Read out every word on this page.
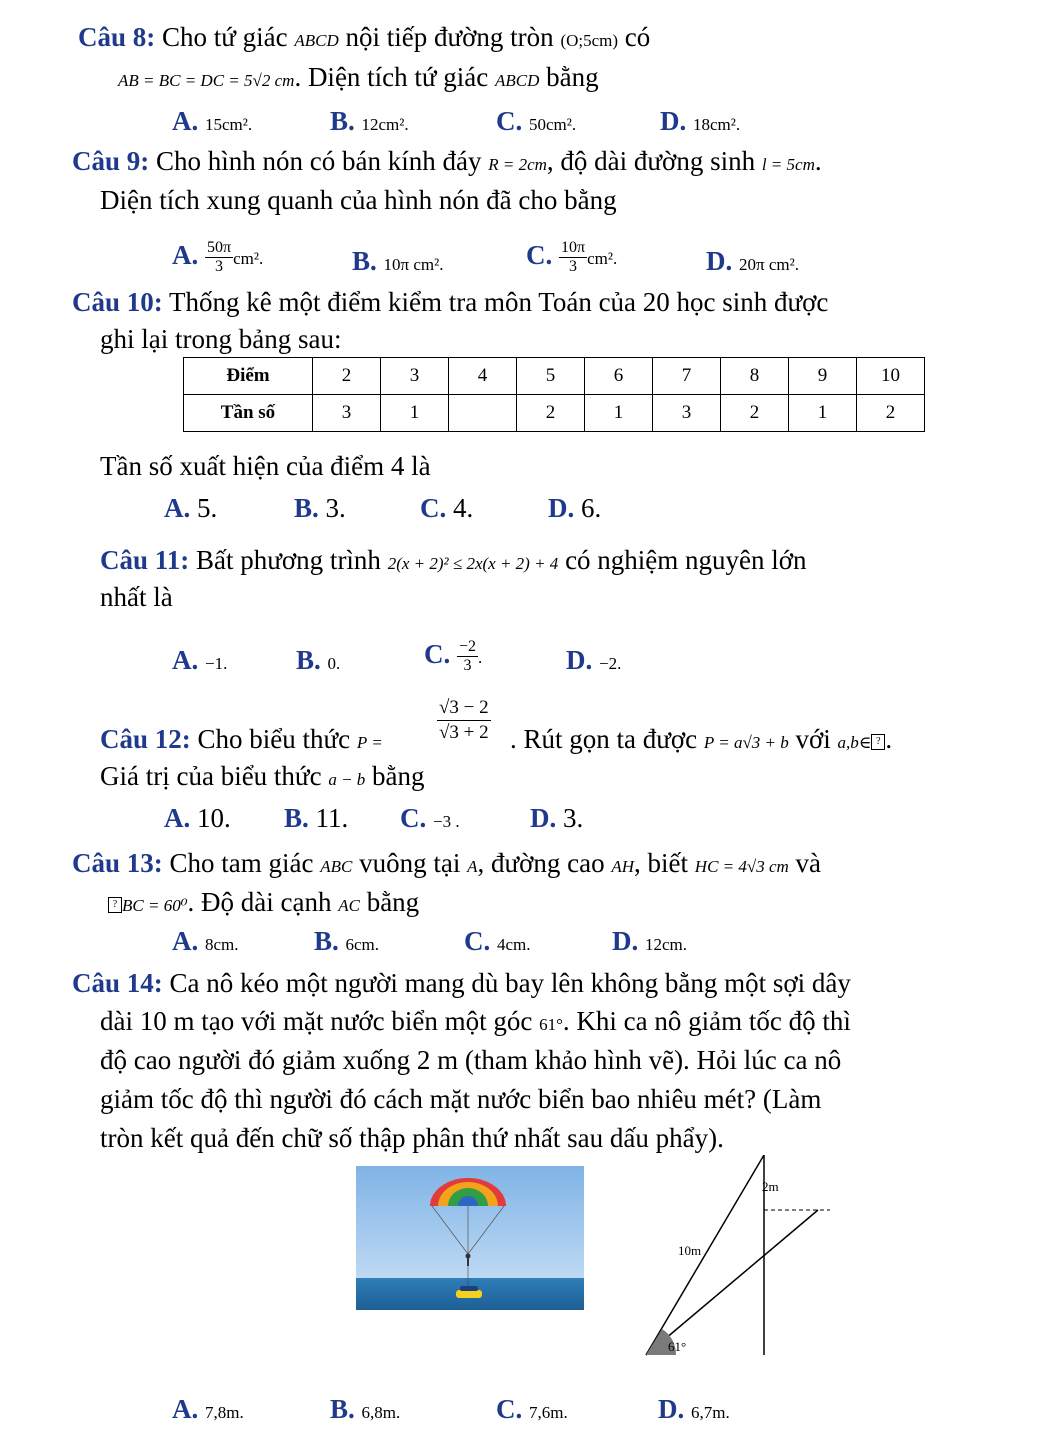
Câu 8: Cho tứ giác ABCD nội tiếp đường tròn (O;5cm) có
AB = BC = DC = 5√2 cm. Diện tích tứ giác ABCD bằng
A. 15cm².	B. 12cm².	C. 50cm².	D. 18cm².
Câu 9: Cho hình nón có bán kính đáy R = 2cm, độ dài đường sinh l = 5cm.
Diện tích xung quanh của hình nón đã cho bằng
A. $\frac{50\pi}{3} cm^2$.	B. 10π cm².	C. $\frac{10\pi}{3} cm^2$.	D. 20π cm².
Câu 10: Thống kê một điểm kiểm tra môn Toán của 20 học sinh được
ghi lại trong bảng sau:
Điểm	2	3	4	5	6	7	8	9	10
Tần số	3	1		2	1	3	2	1	2
Tần số xuất hiện của điểm 4 là
A. 5.	B. 3.	C. 4.	D. 6.
Câu 11: Bất phương trình 2(x + 2)² ≤ 2x(x + 2) + 4 có nghiệm nguyên lớn
nhất là
A. −1.	B. 0.	C. $\frac{-2}{3}$ .	D. −2.
Câu 12: Cho biểu thức P =	$\frac{√3 - 2}{√3 + 2}$ . Rút gọn ta được P = a√3 + b với a,b∈ ? .
Giá trị của biểu thức a − b bằng
A. 10. B. 11. C. −3 .	D. 3.
Câu 13: Cho tam giác ABC vuông tại A, đường cao AH, biết HC = 4√3 cm và
? BC = 60⁰. Độ dài cạnh AC bằng
A. 8cm.	B. 6cm.	C. 4cm.	D. 12cm.
Câu 14: Ca nô kéo một người mang dù bay lên không bằng một sợi dây
dài 10 m tạo với mặt nước biển một góc 61°. Khi ca nô giảm tốc độ thì
độ cao người đó giảm xuống 2 m (tham khảo hình vẽ). Hỏi lúc ca nô
giảm tốc độ thì người đó cách mặt nước biển bao nhiêu mét? (Làm
tròn kết quả đến chữ số thập phân thứ nhất sau dấu phẩy).
2m
10m
61°
A. 7,8m.	B. 6,8m.	C. 7,6m.	D. 6,7m.
